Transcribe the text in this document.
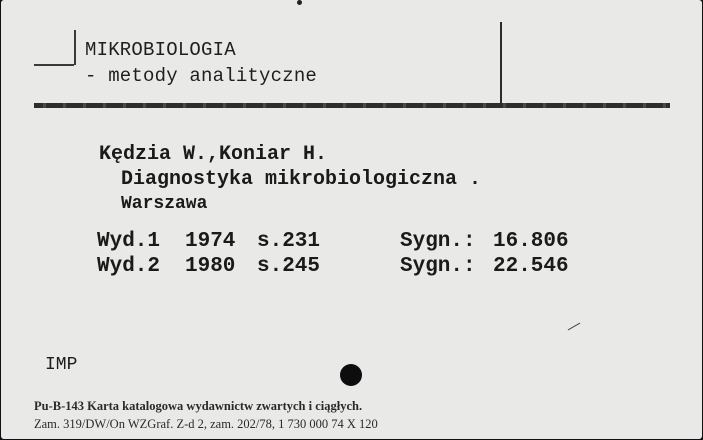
MIKROBIOLOGIA
- metody analityczne
Kędzia W.,Koniar H.
Diagnostyka mikrobiologiczna .
Warszawa
Wyd.1 1974 s.231	Sygn.: 16.806
Wyd.2 1980 s.245	Sygn.: 22.546
IMP
Pu-B-143 Karta katalogowa wydawnictw zwartych i ciągłych.
Zam. 319/DW/On WZGraf. Z-d 2, zam. 202/78, 1 730 000 74 X 120
